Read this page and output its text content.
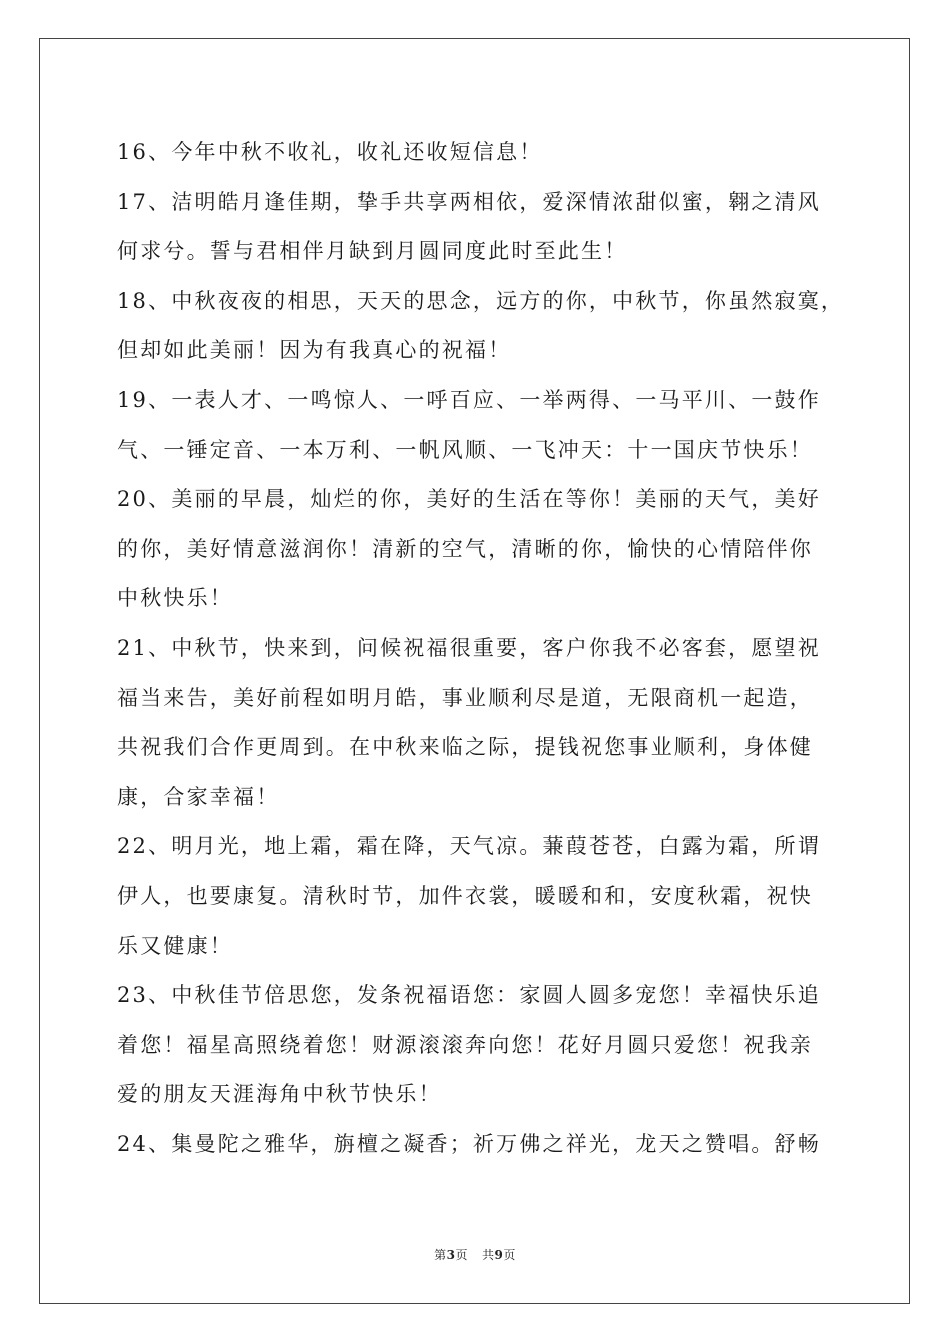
16、今年中秋不收礼，收礼还收短信息！
17、洁明皓月逢佳期，挚手共享两相依，爱深情浓甜似蜜，翱之清风
何求兮。誓与君相伴月缺到月圆同度此时至此生！
18、中秋夜夜的相思，天天的思念，远方的你，中秋节，你虽然寂寞，
但却如此美丽！因为有我真心的祝福！
19、一表人才、一鸣惊人、一呼百应、一举两得、一马平川、一鼓作
气、一锤定音、一本万利、一帆风顺、一飞冲天：十一国庆节快乐！
20、美丽的早晨，灿烂的你，美好的生活在等你！美丽的天气，美好
的你，美好情意滋润你！清新的空气，清晰的你，愉快的心情陪伴你
中秋快乐！
21、中秋节，快来到，问候祝福很重要，客户你我不必客套，愿望祝
福当来告，美好前程如明月皓，事业顺利尽是道，无限商机一起造，
共祝我们合作更周到。在中秋来临之际，提钱祝您事业顺利，身体健
康，合家幸福！
22、明月光，地上霜，霜在降，天气凉。蒹葭苍苍，白露为霜，所谓
伊人，也要康复。清秋时节，加件衣裳，暖暖和和，安度秋霜，祝快
乐又健康！
23、中秋佳节倍思您，发条祝福语您：家圆人圆多宠您！幸福快乐追
着您！福星高照绕着您！财源滚滚奔向您！花好月圆只爱您！祝我亲
爱的朋友天涯海角中秋节快乐！
24、集曼陀之雅华，旃檀之凝香；祈万佛之祥光，龙天之赞唱。舒畅
第3页 共9页
